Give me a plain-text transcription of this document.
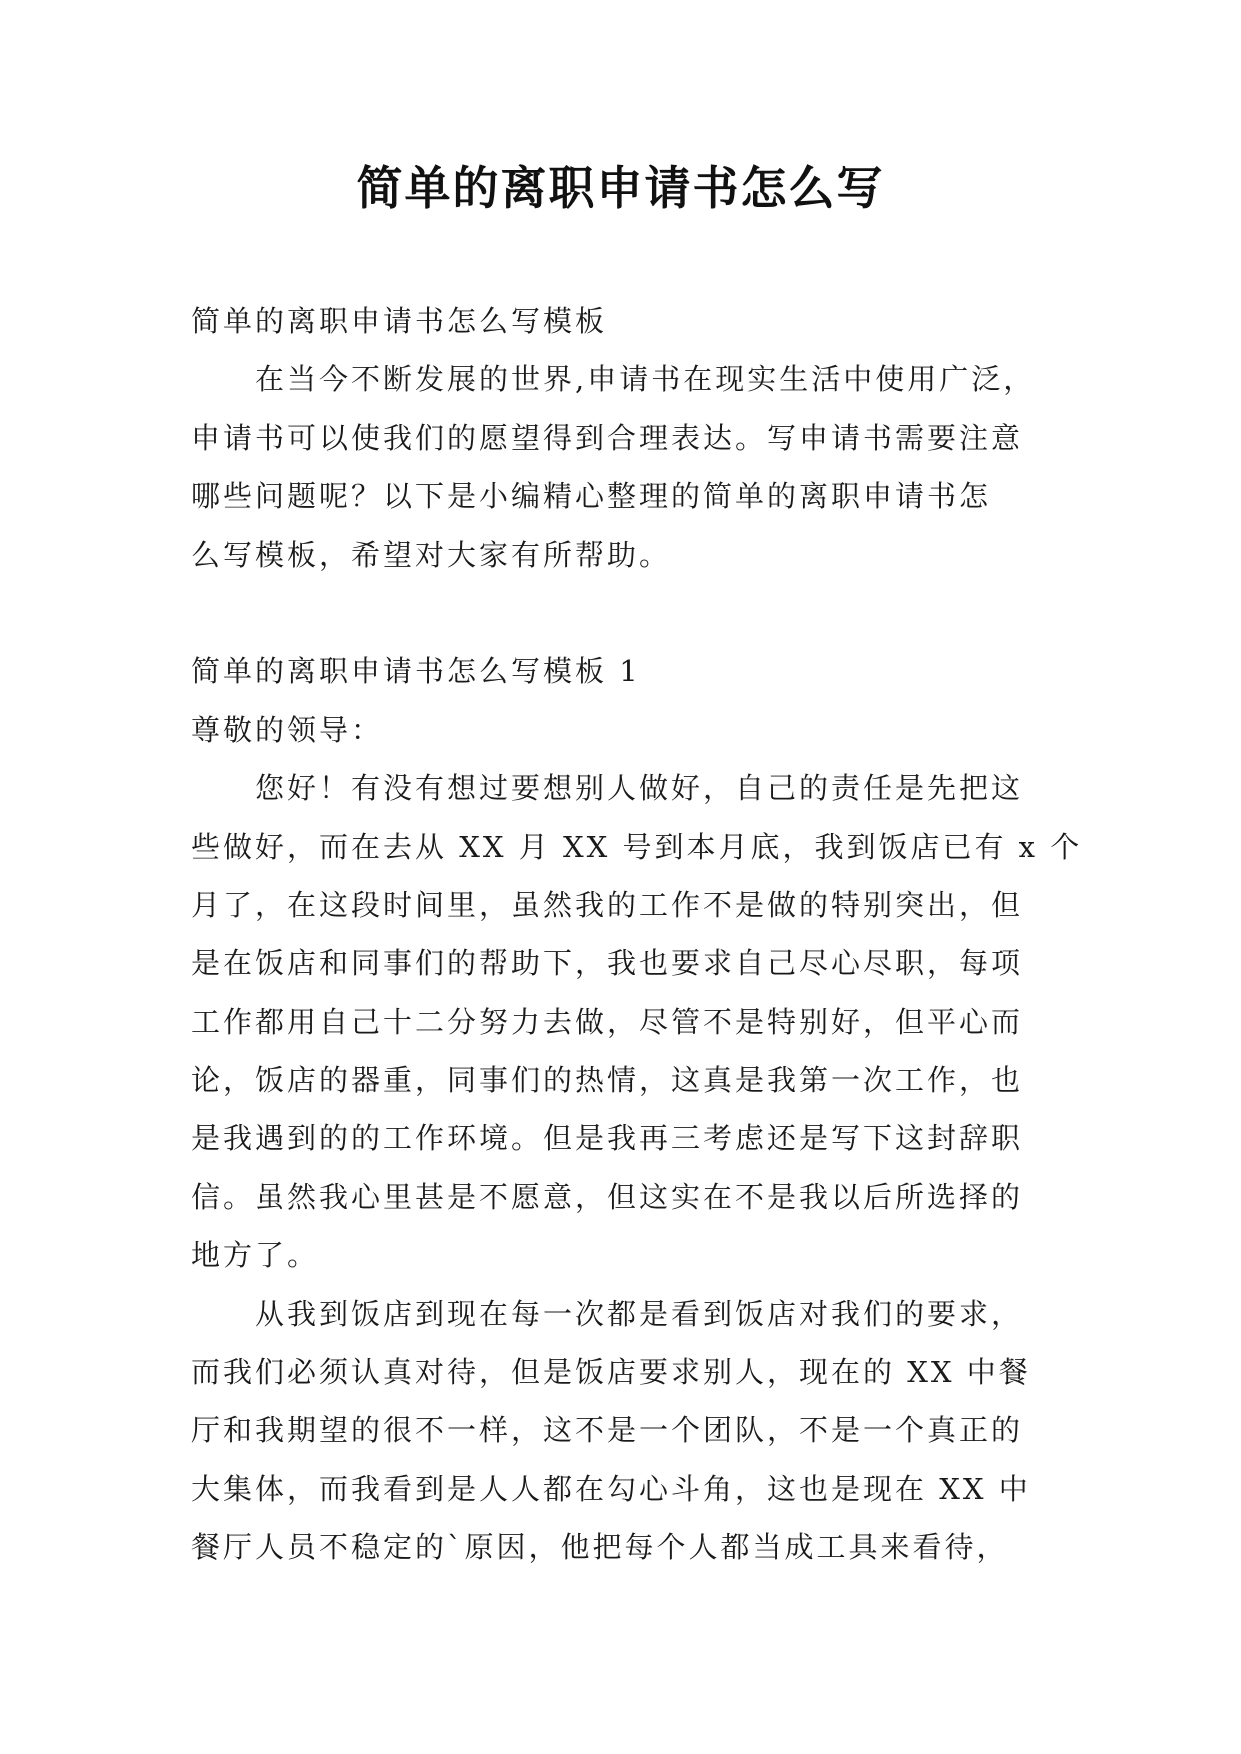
简单的离职申请书怎么写
简单的离职申请书怎么写模板
在当今不断发展的世界,申请书在现实生活中使用广泛，
申请书可以使我们的愿望得到合理表达。写申请书需要注意
哪些问题呢？以下是小编精心整理的简单的离职申请书怎
么写模板，希望对大家有所帮助。
简单的离职申请书怎么写模板 1
尊敬的领导：
您好！有没有想过要想别人做好，自己的责任是先把这
些做好，而在去从 XX 月 XX 号到本月底，我到饭店已有 x 个
月了，在这段时间里，虽然我的工作不是做的特别突出，但
是在饭店和同事们的帮助下，我也要求自己尽心尽职，每项
工作都用自己十二分努力去做，尽管不是特别好，但平心而
论，饭店的器重，同事们的热情，这真是我第一次工作，也
是我遇到的的工作环境。但是我再三考虑还是写下这封辞职
信。虽然我心里甚是不愿意，但这实在不是我以后所选择的
地方了。
从我到饭店到现在每一次都是看到饭店对我们的要求，
而我们必须认真对待，但是饭店要求别人，现在的 XX 中餐
厅和我期望的很不一样，这不是一个团队，不是一个真正的
大集体，而我看到是人人都在勾心斗角，这也是现在 XX 中
餐厅人员不稳定的`原因，他把每个人都当成工具来看待，
